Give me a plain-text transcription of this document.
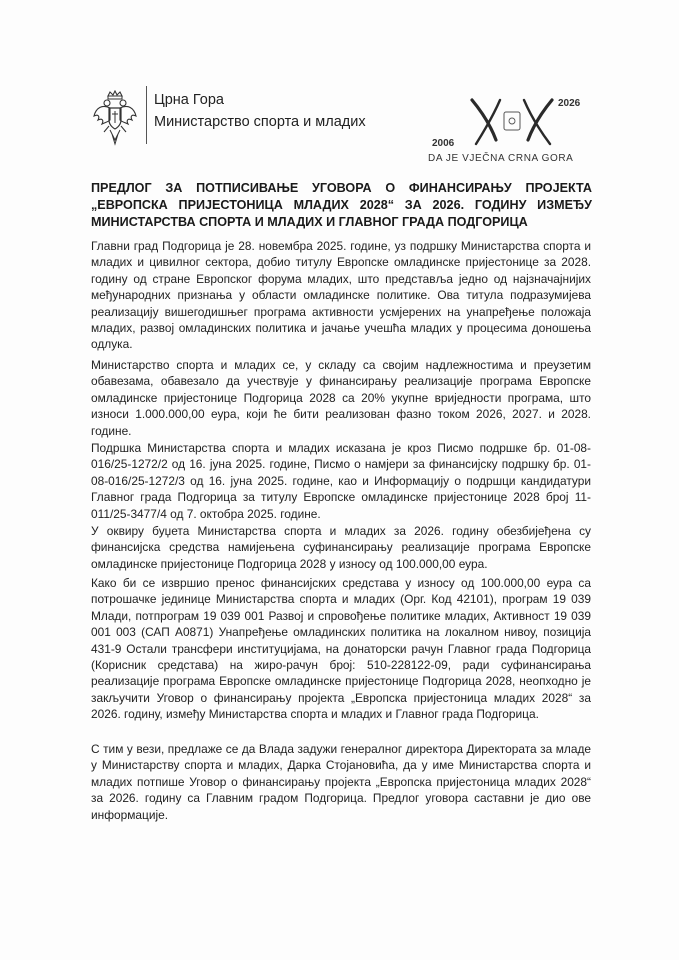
Црна Гора
Министарство спорта и младих
2026
2006
DA JE VJEČNA CRNA GORA
ПРЕДЛОГ ЗА ПОТПИСИВАЊЕ УГОВОРА О ФИНАНСИРАЊУ ПРОЈЕКТА „ЕВРОПСКА ПРИЈЕСТОНИЦА МЛАДИХ 2028“ ЗА 2026. ГОДИНУ ИЗМЕЂУ МИНИСТАРСТВА СПОРТА И МЛАДИХ И ГЛАВНОГ ГРАДА ПОДГОРИЦА
Главни град Подгорица је 28. новембра 2025. године, уз подршку Министарства спорта и младих и цивилног сектора, добио титулу Европске омладинске пријестонице за 2028. годину од стране Европског форума младих, што представља једно од најзначајнијих међународних признања у области омладинске политике. Ова титула подразумијева реализацију вишегодишњег програма активности усмјерених на унапређење положаја младих, развој омладинских политика и јачање учешћа младих у процесима доношења одлука.
Министарство спорта и младих се, у складу са својим надлежностима и преузетим обавезама, обавезало да учествује у финансирању реализације програма Европске омладинске пријестонице Подгорица 2028 са 20% укупне вриједности програма, што износи 1.000.000,00 еура, који ће бити реализован фазно током 2026, 2027. и 2028. године.
Подршка Министарства спорта и младих исказана је кроз Писмо подршке бр. 01-08-016/25-1272/2 од 16. јуна 2025. године, Писмо о намјери за финансијску подршку бр. 01-08-016/25-1272/3 од 16. јуна 2025. године, као и Информацију о подршци кандидатури Главног града Подгорица за титулу Европске омладинске пријестонице 2028 број 11-011/25-3477/4 од 7. октобра 2025. године.
У оквиру буџета Министарства спорта и младих за 2026. годину обезбијеђена су финансијска средства намијењена суфинансирању реализације програма Европске омладинске пријестонице Подгорица 2028 у износу од 100.000,00 еура.
Како би се извршио пренос финансијских средстава у износу од 100.000,00 еура са потрошачке јединице Министарства спорта и младих (Орг. Код 42101), програм 19 039 Млади, потпрограм 19 039 001 Развој и спровођење политике младих, Активност 19 039 001 003 (САП А0871) Унапређење омладинских политика на локалном нивоу, позиција 431-9 Остали трансфери институцијама, на донаторски рачун Главног града Подгорица (Корисник средстава) на жиро-рачун број: 510-228122-09, ради суфинансирања реализације програма Европске омладинске пријестонице Подгорица 2028, неопходно је закључити Уговор о финансирању пројекта „Европска пријестоница младих 2028“ за 2026. годину, између Министарства спорта и младих и Главног града Подгорица.
С тим у вези, предлаже се да Влада задужи генералног директора Директората за младе у Министарству спорта и младих, Дарка Стојановића, да у име Министарства спорта и младих потпише Уговор о финансирању пројекта „Европска пријестоница младих 2028“ за 2026. годину са Главним градом Подгорица. Предлог уговора саставни је дио ове информације.
